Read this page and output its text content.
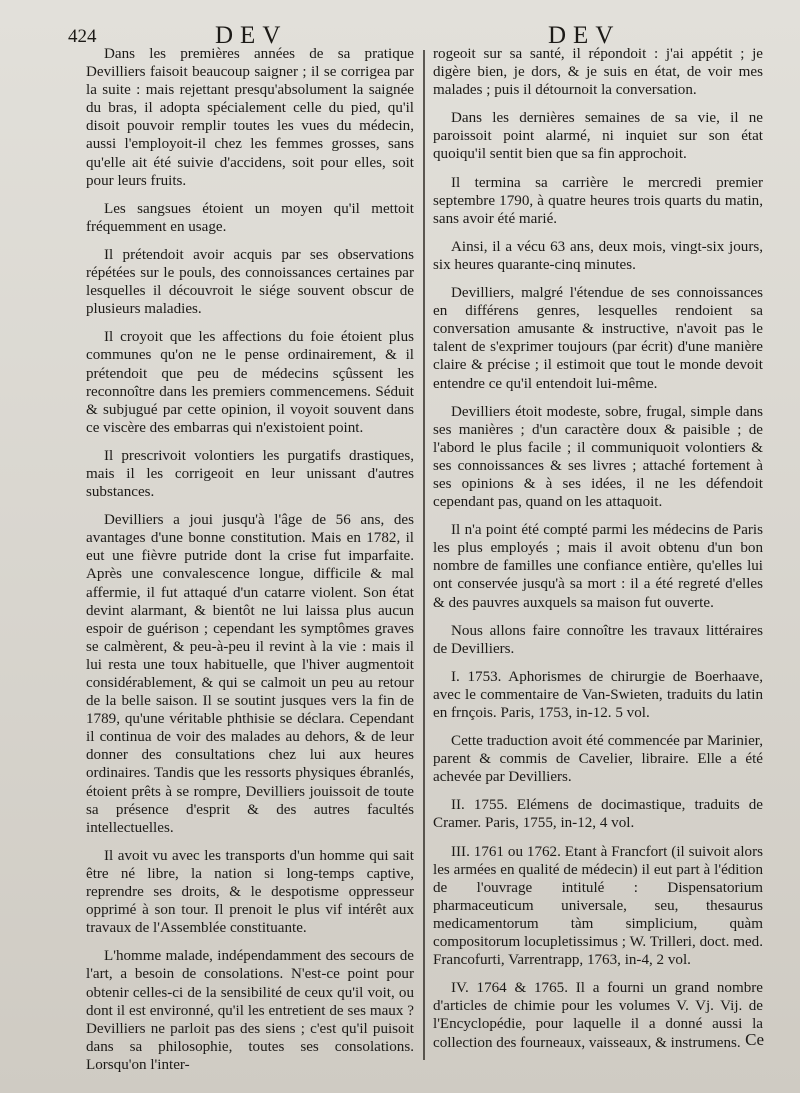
424	DEV	DEV

Dans les premières années de sa pratique Devilliers faisoit beaucoup saigner ; il se corrigea par la suite : mais rejettant presqu'absolument la saignée du bras, il adopta spécialement celle du pied, qu'il disoit pouvoir remplir toutes les vues du médecin, aussi l'employoit-il chez les femmes grosses, sans qu'elle ait été suivie d'accidens, soit pour elles, soit pour leurs fruits.

Les sangsues étoient un moyen qu'il mettoit fréquemment en usage.

Il prétendoit avoir acquis par ses observations répétées sur le pouls, des connoissances certaines par lesquelles il découvroit le siége souvent obscur de plusieurs maladies.

Il croyoit que les affections du foie étoient plus communes qu'on ne le pense ordinairement, & il prétendoit que peu de médecins sçûssent les reconnoître dans les premiers commencemens. Séduit & subjugué par cette opinion, il voyoit souvent dans ce viscère des embarras qui n'existoient point.

Il prescrivoit volontiers les purgatifs drastiques, mais il les corrigeoit en leur unissant d'autres substances.

Devilliers a joui jusqu'à l'âge de 56 ans, des avantages d'une bonne constitution. Mais en 1782, il eut une fièvre putride dont la crise fut imparfaite. Après une convalescence longue, difficile & mal affermie, il fut attaqué d'un catarre violent. Son état devint alarmant, & bientôt ne lui laissa plus aucun espoir de guérison ; cependant les symptômes graves se calmèrent, & peu-à-peu il revint à la vie : mais il lui resta une toux habituelle, que l'hiver augmentoit considérablement, & qui se calmoit un peu au retour de la belle saison. Il se soutint jusques vers la fin de 1789, qu'une véritable phthisie se déclara. Cependant il continua de voir des malades au dehors, & de leur donner des consultations chez lui aux heures ordinaires. Tandis que les ressorts physiques ébranlés, étoient prêts à se rompre, Devilliers jouissoit de toute sa présence d'esprit & des autres facultés intellectuelles.

Il avoit vu avec les transports d'un homme qui sait être né libre, la nation si long-temps captive, reprendre ses droits, & le despotisme oppresseur opprimé à son tour. Il prenoit le plus vif intérêt aux travaux de l'Assemblée constituante.

L'homme malade, indépendamment des secours de l'art, a besoin de consolations. N'est-ce point pour obtenir celles-ci de la sensibilité de ceux qu'il voit, ou dont il est environné, qu'il les entretient de ses maux ? Devilliers ne parloit pas des siens ; c'est qu'il puisoit dans sa philosophie, toutes ses consolations. Lorsqu'on l'inter-

rogeoit sur sa santé, il répondoit : j'ai appétit ; je digère bien, je dors, & je suis en état, de voir mes malades ; puis il détournoit la conversation.

Dans les dernières semaines de sa vie, il ne paroissoit point alarmé, ni inquiet sur son état quoiqu'il sentit bien que sa fin approchoit.

Il termina sa carrière le mercredi premier septembre 1790, à quatre heures trois quarts du matin, sans avoir été marié.

Ainsi, il a vécu 63 ans, deux mois, vingt-six jours, six heures quarante-cinq minutes.

Devilliers, malgré l'étendue de ses connoissances en différens genres, lesquelles rendoient sa conversation amusante & instructive, n'avoit pas le talent de s'exprimer toujours (par écrit) d'une manière claire & précise ; il estimoit que tout le monde devoit entendre ce qu'il entendoit lui-même.

Devilliers étoit modeste, sobre, frugal, simple dans ses manières ; d'un caractère doux & paisible ; de l'abord le plus facile ; il communiquoit volontiers & ses connoissances & ses livres ; attaché fortement à ses opinions & à ses idées, il ne les défendoit cependant pas, quand on les attaquoit.

Il n'a point été compté parmi les médecins de Paris les plus employés ; mais il avoit obtenu d'un bon nombre de familles une confiance entière, qu'elles lui ont conservée jusqu'à sa mort : il a été regreté d'elles & des pauvres auxquels sa maison fut ouverte.

Nous allons faire connoître les travaux littéraires de Devilliers.

I. 1753. Aphorismes de chirurgie de Boerhaave, avec le commentaire de Van-Swieten, traduits du latin en frnçois. Paris, 1753, in-12. 5 vol.

Cette traduction avoit été commencée par Marinier, parent & commis de Cavelier, libraire. Elle a été achevée par Devilliers.

II. 1755. Elémens de docimastique, traduits de Cramer. Paris, 1755, in-12, 4 vol.

III. 1761 ou 1762. Etant à Francfort (il suivoit alors les armées en qualité de médecin) il eut part à l'édition de l'ouvrage intitulé : Dispensatorium pharmaceuticum universale, seu, thesaurus medicamentorum tàm simplicium, quàm compositorum locupletissimus ; W. Trilleri, doct. med. Francofurti, Varrentrapp, 1763, in-4, 2 vol.

IV. 1764 & 1765. Il a fourni un grand nombre d'articles de chimie pour les volumes V. Vj. Vij. de l'Encyclopédie, pour laquelle il a donné aussi la collection des fourneaux, vaisseaux, & instrumens. Ce
